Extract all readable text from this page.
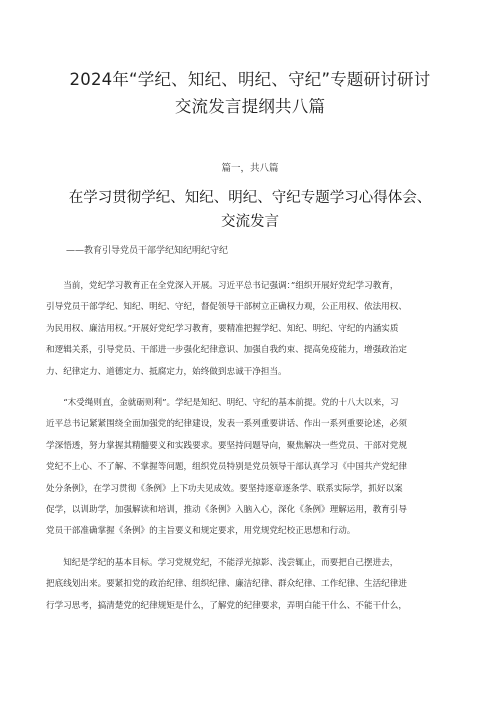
2024年“学纪、知纪、明纪、守纪”专题研讨研讨
交流发言提纲共八篇
篇一，共八篇
在学习贯彻学纪、知纪、明纪、守纪专题学习心得体会、
交流发言
——教育引导党员干部学纪知纪明纪守纪
　　当前，党纪学习教育正在全党深入开展。习近平总书记强调：”组织开展好党纪学习教育，
引导党员干部学纪、知纪、明纪、守纪，督促领导干部树立正确权力观，公正用权、依法用权、
为民用权、廉洁用权。”开展好党纪学习教育，要精准把握学纪、知纪、明纪、守纪的内涵实质
和逻辑关系，引导党员、干部进一步强化纪律意识、加强自我约束、提高免疫能力，增强政治定
力、纪律定力、道德定力、抵腐定力，始终做到忠诚干净担当。
　　“木受绳则直，金就砺则利”。学纪是知纪、明纪、守纪的基本前提。党的十八大以来，习
近平总书记紧紧围绕全面加强党的纪律建设，发表一系列重要讲话、作出一系列重要论述，必须
学深悟透，努力掌握其精髓要义和实践要求。要坚持问题导向，聚焦解决一些党员、干部对党规
党纪不上心、不了解、不掌握等问题，组织党员特别是党员领导干部认真学习《中国共产党纪律
处分条例》，在学习贯彻《条例》上下功夫见成效。要坚持逐章逐条学、联系实际学，抓好以案
促学，以训助学，加强解读和培训，推动《条例》入脑入心，深化《条例》理解运用，教育引导
党员干部准确掌握《条例》的主旨要义和规定要求，用党规党纪校正思想和行动。
　　知纪是学纪的基本目标。学习党规党纪，不能浮光掠影、浅尝辄止，而要把自己摆进去，
把底线划出来。要紧扣党的政治纪律、组织纪律、廉洁纪律、群众纪律、工作纪律、生活纪律进
行学习思考，搞清楚党的纪律规矩是什么，了解党的纪律要求，弄明白能干什么、不能干什么，
